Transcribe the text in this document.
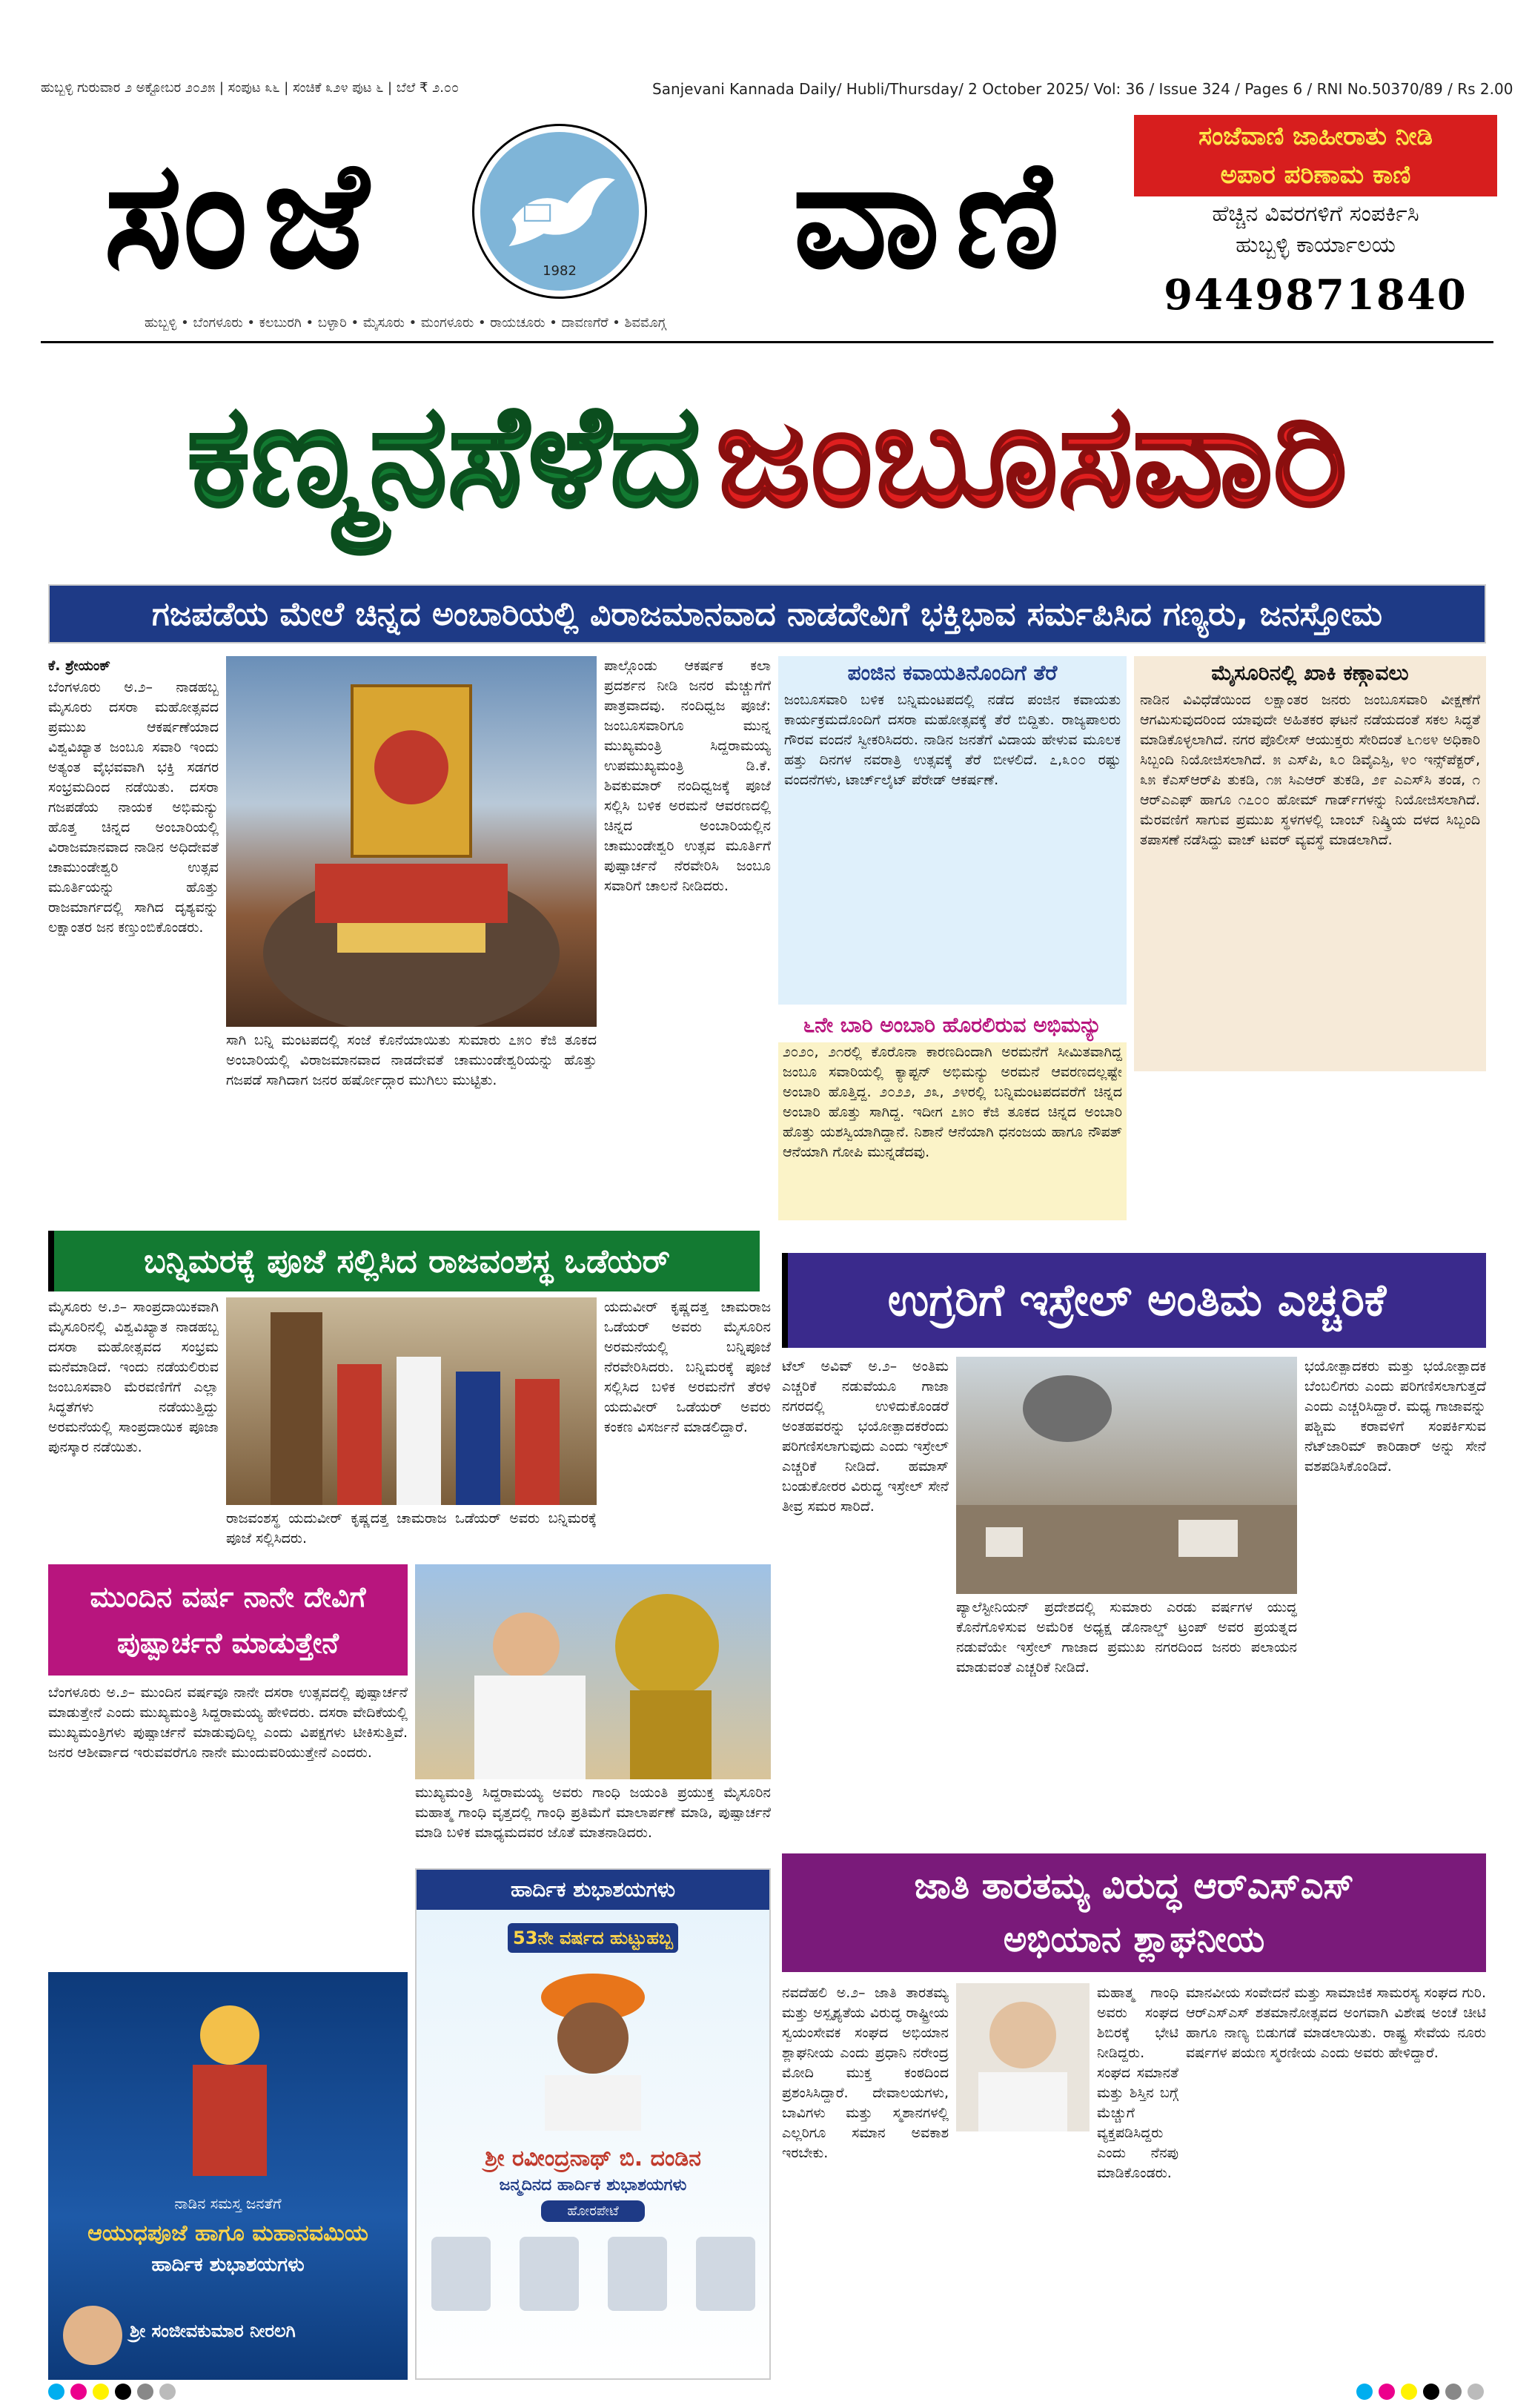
ಹುಬ್ಬಳ್ಳಿ ಗುರುವಾರ ೨ ಅಕ್ಟೋಬರ ೨೦೨೫ | ಸಂಪುಟ ೩೬ | ಸಂಚಿಕೆ ೩೨೪ ಪುಟ ೬ | ಬೆಲೆ ₹ ೨.೦೦	Sanjevani Kannada Daily/ Hubli/Thursday/ 2 October 2025/ Vol: 36 / Issue 324 / Pages 6 / RNI No.50370/89 / Rs 2.00
ಸಂಜೆ	ವಾಣಿ
1982
ಹುಬ್ಬಳ್ಳಿ • ಬೆಂಗಳೂರು • ಕಲಬುರಗಿ • ಬಳ್ಳಾರಿ • ಮೈಸೂರು • ಮಂಗಳೂರು • ರಾಯಚೂರು • ದಾವಣಗೆರೆ • ಶಿವಮೊಗ್ಗ
ಸಂಜೆವಾಣಿ ಜಾಹೀರಾತು ನೀಡಿ
ಅಪಾರ ಪರಿಣಾಮ ಕಾಣಿ
ಹೆಚ್ಚಿನ ವಿವರಗಳಿಗೆ ಸಂಪರ್ಕಿಸಿ
ಹುಬ್ಬಳ್ಳಿ ಕಾರ್ಯಾಲಯ
9449871840
ಕಣ್ಮನಸೆಳೆದ ಜಂಬೂಸವಾರಿ
ಗಜಪಡೆಯ ಮೇಲೆ ಚಿನ್ನದ ಅಂಬಾರಿಯಲ್ಲಿ ವಿರಾಜಮಾನವಾದ ನಾಡದೇವಿಗೆ ಭಕ್ತಿಭಾವ ಸರ್ಮಪಿಸಿದ ಗಣ್ಯರು, ಜನಸ್ತೋಮ

ಕೆ. ಶ್ರೇಯಂಕ್

ಬೆಂಗಳೂರು ಅ.೨– ನಾಡಹಬ್ಬ ಮೈಸೂರು ದಸರಾ ಮಹೋತ್ಸವದ ಪ್ರಮುಖ ಆಕರ್ಷಣೆಯಾದ ವಿಶ್ವವಿಖ್ಯಾತ ಜಂಬೂ ಸವಾರಿ ಇಂದು ಅತ್ಯಂತ ವೈಭವವಾಗಿ ಭಕ್ತಿ ಸಡಗರ ಸಂಭ್ರಮದಿಂದ ನಡೆಯಿತು. ದಸರಾ ಗಜಪಡೆಯ ನಾಯಕ ಅಭಿಮನ್ಯು ಹೊತ್ತ ಚಿನ್ನದ ಅಂಬಾರಿಯಲ್ಲಿ ವಿರಾಜಮಾನವಾದ ನಾಡಿನ ಅಧಿದೇವತೆ ಚಾಮುಂಡೇಶ್ವರಿ ಉತ್ಸವ ಮೂರ್ತಿಯನ್ನು ಹೊತ್ತು ರಾಜಮಾರ್ಗದಲ್ಲಿ ಸಾಗಿದ ದೃಶ್ಯವನ್ನು ಲಕ್ಷಾಂತರ ಜನ ಕಣ್ತುಂಬಿಕೊಂಡರು.

ಸಾಗಿ ಬನ್ನಿ ಮಂಟಪದಲ್ಲಿ ಸಂಜೆ ಕೊನೆಯಾಯಿತು ಸುಮಾರು ೭೫೦ ಕೆಜಿ ತೂಕದ ಅಂಬಾರಿಯಲ್ಲಿ ವಿರಾಜಮಾನವಾದ ನಾಡದೇವತೆ ಚಾಮುಂಡೇಶ್ವರಿಯನ್ನು ಹೊತ್ತು ಗಜಪಡೆ ಸಾಗಿದಾಗ ಜನರ ಹರ್ಷೋದ್ಗಾರ ಮುಗಿಲು ಮುಟ್ಟಿತು.
ಪಾಲ್ಗೊಂಡು ಆಕರ್ಷಕ ಕಲಾ ಪ್ರದರ್ಶನ ನೀಡಿ ಜನರ ಮೆಚ್ಚುಗೆಗೆ ಪಾತ್ರವಾದವು. ನಂದಿಧ್ವಜ ಪೂಜೆ: ಜಂಬೂಸವಾರಿಗೂ ಮುನ್ನ ಮುಖ್ಯಮಂತ್ರಿ ಸಿದ್ದರಾಮಯ್ಯ ಉಪಮುಖ್ಯಮಂತ್ರಿ ಡಿ.ಕೆ. ಶಿವಕುಮಾರ್ ನಂದಿಧ್ವಜಕ್ಕೆ ಪೂಜೆ ಸಲ್ಲಿಸಿ ಬಳಿಕ ಅರಮನೆ ಆವರಣದಲ್ಲಿ ಚಿನ್ನದ ಅಂಬಾರಿಯಲ್ಲಿನ ಚಾಮುಂಡೇಶ್ವರಿ ಉತ್ಸವ ಮೂರ್ತಿಗೆ ಪುಷ್ಪಾರ್ಚನೆ ನೆರವೇರಿಸಿ ಜಂಬೂ ಸವಾರಿಗೆ ಚಾಲನೆ ನೀಡಿದರು.
ಪಂಜಿನ ಕವಾಯತಿನೊಂದಿಗೆ ತೆರೆ
ಜಂಬೂಸವಾರಿ ಬಳಿಕ ಬನ್ನಿಮಂಟಪದಲ್ಲಿ ನಡೆದ ಪಂಜಿನ ಕವಾಯತು ಕಾರ್ಯಕ್ರಮದೊಂದಿಗೆ ದಸರಾ ಮಹೋತ್ಸವಕ್ಕೆ ತೆರೆ ಬಿದ್ದಿತು. ರಾಜ್ಯಪಾಲರು ಗೌರವ ವಂದನೆ ಸ್ವೀಕರಿಸಿದರು. ನಾಡಿನ ಜನತೆಗೆ ವಿದಾಯ ಹೇಳುವ ಮೂಲಕ ಹತ್ತು ದಿನಗಳ ನವರಾತ್ರಿ ಉತ್ಸವಕ್ಕೆ ತೆರೆ ಬೀಳಲಿದೆ. ೭,೩೦೦ ರಷ್ಟು ವಂದನೆಗಳು, ಟಾರ್ಚ್‌ಲೈಟ್ ಪೆರೇಡ್ ಆಕರ್ಷಣೆ.
ಮೈಸೂರಿನಲ್ಲಿ ಖಾಕಿ ಕಣ್ಗಾವಲು
ನಾಡಿನ ವಿವಿಧೆಡೆಯಿಂದ ಲಕ್ಷಾಂತರ ಜನರು ಜಂಬೂಸವಾರಿ ವೀಕ್ಷಣೆಗೆ ಆಗಮಿಸುವುದರಿಂದ ಯಾವುದೇ ಅಹಿತಕರ ಘಟನೆ ನಡೆಯದಂತೆ ಸಕಲ ಸಿದ್ಧತೆ ಮಾಡಿಕೊಳ್ಳಲಾಗಿದೆ. ನಗರ ಪೊಲೀಸ್ ಆಯುಕ್ತರು ಸೇರಿದಂತೆ ೬೧೮೪ ಅಧಿಕಾರಿ ಸಿಬ್ಬಂದಿ ನಿಯೋಜಿಸಲಾಗಿದೆ. ೫ ಎಸ್‌ಪಿ, ೩೦ ಡಿವೈಎಸ್ಪಿ, ೪೦ ಇನ್ಸ್‌ಪೆಕ್ಟರ್, ೩೫ ಕೆಎಸ್‌ಆರ್‌ಪಿ ತುಕಡಿ, ೧೫ ಸಿಎಆರ್ ತುಕಡಿ, ೨೯ ಎಎಸ್‌ಸಿ ತಂಡ, ೧ ಆರ್‌ಎಎಫ್ ಹಾಗೂ ೧೭೦೦ ಹೋಮ್ ಗಾರ್ಡ್‌ಗಳನ್ನು ನಿಯೋಜಿಸಲಾಗಿದೆ. ಮೆರವಣಿಗೆ ಸಾಗುವ ಪ್ರಮುಖ ಸ್ಥಳಗಳಲ್ಲಿ ಬಾಂಬ್ ನಿಷ್ಕ್ರಿಯ ದಳದ ಸಿಬ್ಬಂದಿ ತಪಾಸಣೆ ನಡೆಸಿದ್ದು ವಾಚ್ ಟವರ್ ವ್ಯವಸ್ಥೆ ಮಾಡಲಾಗಿದೆ.
೬ನೇ ಬಾರಿ ಅಂಬಾರಿ ಹೊರಲಿರುವ ಅಭಿಮನ್ಯು
೨೦೨೦, ೨೧ರಲ್ಲಿ ಕೊರೊನಾ ಕಾರಣದಿಂದಾಗಿ ಅರಮನೆಗೆ ಸೀಮಿತವಾಗಿದ್ದ ಜಂಬೂ ಸವಾರಿಯಲ್ಲಿ ಕ್ಯಾಪ್ಟನ್ ಅಭಿಮನ್ಯು ಅರಮನೆ ಆವರಣದಲ್ಲಷ್ಟೇ ಅಂಬಾರಿ ಹೊತ್ತಿದ್ದ. ೨೦೨೨, ೨೩, ೨೪ರಲ್ಲಿ ಬನ್ನಿಮಂಟಪದವರೆಗೆ ಚಿನ್ನದ ಅಂಬಾರಿ ಹೊತ್ತು ಸಾಗಿದ್ದ. ಇದೀಗ ೭೫೦ ಕೆಜಿ ತೂಕದ ಚಿನ್ನದ ಅಂಬಾರಿ ಹೊತ್ತು ಯಶಸ್ವಿಯಾಗಿದ್ದಾನೆ. ನಿಶಾನೆ ಆನೆಯಾಗಿ ಧನಂಜಯ ಹಾಗೂ ನೌಪತ್ ಆನೆಯಾಗಿ ಗೋಪಿ ಮುನ್ನಡೆದವು.
ಬನ್ನಿಮರಕ್ಕೆ ಪೂಜೆ ಸಲ್ಲಿಸಿದ ರಾಜವಂಶಸ್ಥ ಒಡೆಯರ್
ಮೈಸೂರು ಅ.೨– ಸಾಂಪ್ರದಾಯಿಕವಾಗಿ ಮೈಸೂರಿನಲ್ಲಿ ವಿಶ್ವವಿಖ್ಯಾತ ನಾಡಹಬ್ಬ ದಸರಾ ಮಹೋತ್ಸವದ ಸಂಭ್ರಮ ಮನೆಮಾಡಿದೆ. ಇಂದು ನಡೆಯಲಿರುವ ಜಂಬೂಸವಾರಿ ಮೆರವಣಿಗೆಗೆ ಎಲ್ಲಾ ಸಿದ್ಧತೆಗಳು ನಡೆಯುತ್ತಿದ್ದು ಅರಮನೆಯಲ್ಲಿ ಸಾಂಪ್ರದಾಯಿಕ ಪೂಜಾ ಪುನಸ್ಕಾರ ನಡೆಯಿತು.
ರಾಜವಂಶಸ್ಥ ಯದುವೀರ್ ಕೃಷ್ಣದತ್ತ ಚಾಮರಾಜ ಒಡೆಯರ್ ಅವರು ಬನ್ನಿಮರಕ್ಕೆ ಪೂಜೆ ಸಲ್ಲಿಸಿದರು.
ಯದುವೀರ್ ಕೃಷ್ಣದತ್ತ ಚಾಮರಾಜ ಒಡೆಯರ್ ಅವರು ಮೈಸೂರಿನ ಅರಮನೆಯಲ್ಲಿ ಬನ್ನಿಪೂಜೆ ನೆರವೇರಿಸಿದರು. ಬನ್ನಿಮರಕ್ಕೆ ಪೂಜೆ ಸಲ್ಲಿಸಿದ ಬಳಿಕ ಅರಮನೆಗೆ ತೆರಳಿ ಯದುವೀರ್ ಒಡೆಯರ್ ಅವರು ಕಂಕಣ ವಿಸರ್ಜನೆ ಮಾಡಲಿದ್ದಾರೆ.
ಮುಂದಿನ ವರ್ಷ ನಾನೇ ದೇವಿಗೆ
ಪುಷ್ಪಾರ್ಚನೆ ಮಾಡುತ್ತೇನೆ
ಬೆಂಗಳೂರು ಅ.೨– ಮುಂದಿನ ವರ್ಷವೂ ನಾನೇ ದಸರಾ ಉತ್ಸವದಲ್ಲಿ ಪುಷ್ಪಾರ್ಚನೆ ಮಾಡುತ್ತೇನೆ ಎಂದು ಮುಖ್ಯಮಂತ್ರಿ ಸಿದ್ದರಾಮಯ್ಯ ಹೇಳಿದರು. ದಸರಾ ವೇದಿಕೆಯಲ್ಲಿ ಮುಖ್ಯಮಂತ್ರಿಗಳು ಪುಷ್ಪಾರ್ಚನೆ ಮಾಡುವುದಿಲ್ಲ ಎಂದು ವಿಪಕ್ಷಗಳು ಟೀಕಿಸುತ್ತಿವೆ. ಜನರ ಆಶೀರ್ವಾದ ಇರುವವರೆಗೂ ನಾನೇ ಮುಂದುವರಿಯುತ್ತೇನೆ ಎಂದರು.
ಮುಖ್ಯಮಂತ್ರಿ ಸಿದ್ದರಾಮಯ್ಯ ಅವರು ಗಾಂಧಿ ಜಯಂತಿ ಪ್ರಯುಕ್ತ ಮೈಸೂರಿನ ಮಹಾತ್ಮ ಗಾಂಧಿ ವೃತ್ತದಲ್ಲಿ ಗಾಂಧಿ ಪ್ರತಿಮೆಗೆ ಮಾಲಾರ್ಪಣೆ ಮಾಡಿ, ಪುಷ್ಪಾರ್ಚನೆ ಮಾಡಿ ಬಳಿಕ ಮಾಧ್ಯಮದವರ ಜೊತೆ ಮಾತನಾಡಿದರು.
ಹಾರ್ದಿಕ ಶುಭಾಶಯಗಳು
53ನೇ ವರ್ಷದ ಹುಟ್ಟುಹಬ್ಬ
ಶ್ರೀ ರವೀಂದ್ರನಾಥ್ ಬಿ. ದಂಡಿನ
ಜನ್ಮದಿನದ ಹಾರ್ದಿಕ ಶುಭಾಶಯಗಳು
ಹೋರಪೇಟೆ
ನಾಡಿನ ಸಮಸ್ತ ಜನತೆಗೆ
ಆಯುಧಪೂಜೆ ಹಾಗೂ ಮಹಾನವಮಿಯ
ಹಾರ್ದಿಕ ಶುಭಾಶಯಗಳು
ಶ್ರೀ ಸಂಜೀವಕುಮಾರ ನೀರಲಗಿ
ಉಗ್ರರಿಗೆ ಇಸ್ರೇಲ್ ಅಂತಿಮ ಎಚ್ಚರಿಕೆ
ಟೆಲ್ ಅವಿವ್ ಅ.೨– ಅಂತಿಮ ಎಚ್ಚರಿಕೆ ನಡುವೆಯೂ ಗಾಜಾ ನಗರದಲ್ಲಿ ಉಳಿದುಕೊಂಡರೆ ಅಂತಹವರನ್ನು ಭಯೋತ್ಪಾದಕರೆಂದು ಪರಿಗಣಿಸಲಾಗುವುದು ಎಂದು ಇಸ್ರೇಲ್ ಎಚ್ಚರಿಕೆ ನೀಡಿದೆ. ಹಮಾಸ್ ಬಂಡುಕೋರರ ವಿರುದ್ಧ ಇಸ್ರೇಲ್ ಸೇನೆ ತೀವ್ರ ಸಮರ ಸಾರಿದೆ.
ಪ್ಯಾಲೆಸ್ಟೀನಿಯನ್ ಪ್ರದೇಶದಲ್ಲಿ ಸುಮಾರು ಎರಡು ವರ್ಷಗಳ ಯುದ್ಧ ಕೊನೆಗೊಳಿಸುವ ಅಮೆರಿಕ ಅಧ್ಯಕ್ಷ ಡೊನಾಲ್ಡ್ ಟ್ರಂಪ್ ಅವರ ಪ್ರಯತ್ನದ ನಡುವೆಯೇ ಇಸ್ರೇಲ್ ಗಾಜಾದ ಪ್ರಮುಖ ನಗರದಿಂದ ಜನರು ಪಲಾಯನ ಮಾಡುವಂತೆ ಎಚ್ಚರಿಕೆ ನೀಡಿದೆ.
ಭಯೋತ್ಪಾದಕರು ಮತ್ತು ಭಯೋತ್ಪಾದಕ ಬೆಂಬಲಿಗರು ಎಂದು ಪರಿಗಣಿಸಲಾಗುತ್ತದೆ ಎಂದು ಎಚ್ಚರಿಸಿದ್ದಾರೆ. ಮಧ್ಯ ಗಾಜಾವನ್ನು ಪಶ್ಚಿಮ ಕರಾವಳಿಗೆ ಸಂಪರ್ಕಿಸುವ ನೆಟ್‌ಜಾರಿಮ್ ಕಾರಿಡಾರ್ ಅನ್ನು ಸೇನೆ ವಶಪಡಿಸಿಕೊಂಡಿದೆ.
ಜಾತಿ ತಾರತಮ್ಯ ವಿರುದ್ಧ ಆರ್‌ಎಸ್‌ಎಸ್
ಅಭಿಯಾನ ಶ್ಲಾಘನೀಯ
ನವದೆಹಲಿ ಅ.೨– ಜಾತಿ ತಾರತಮ್ಯ ಮತ್ತು ಅಸ್ಪೃಶ್ಯತೆಯ ವಿರುದ್ಧ ರಾಷ್ಟ್ರೀಯ ಸ್ವಯಂಸೇವಕ ಸಂಘದ ಅಭಿಯಾನ ಶ್ಲಾಘನೀಯ ಎಂದು ಪ್ರಧಾನಿ ನರೇಂದ್ರ ಮೋದಿ ಮುಕ್ತ ಕಂಠದಿಂದ ಪ್ರಶಂಸಿಸಿದ್ದಾರೆ. ದೇವಾಲಯಗಳು, ಬಾವಿಗಳು ಮತ್ತು ಸ್ಮಶಾನಗಳಲ್ಲಿ ಎಲ್ಲರಿಗೂ ಸಮಾನ ಅವಕಾಶ ಇರಬೇಕು.
ಮಹಾತ್ಮ ಗಾಂಧಿ ಅವರು ಸಂಘದ ಶಿಬಿರಕ್ಕೆ ಭೇಟಿ ನೀಡಿದ್ದರು. ಸಂಘದ ಸಮಾನತೆ ಮತ್ತು ಶಿಸ್ತಿನ ಬಗ್ಗೆ ಮೆಚ್ಚುಗೆ ವ್ಯಕ್ತಪಡಿಸಿದ್ದರು ಎಂದು ನೆನಪು ಮಾಡಿಕೊಂಡರು.
ಮಾನವೀಯ ಸಂವೇದನೆ ಮತ್ತು ಸಾಮಾಜಿಕ ಸಾಮರಸ್ಯ ಸಂಘದ ಗುರಿ. ಆರ್‌ಎಸ್‌ಎಸ್ ಶತಮಾನೋತ್ಸವದ ಅಂಗವಾಗಿ ವಿಶೇಷ ಅಂಚೆ ಚೀಟಿ ಹಾಗೂ ನಾಣ್ಯ ಬಿಡುಗಡೆ ಮಾಡಲಾಯಿತು. ರಾಷ್ಟ್ರ ಸೇವೆಯ ನೂರು ವರ್ಷಗಳ ಪಯಣ ಸ್ಮರಣೀಯ ಎಂದು ಅವರು ಹೇಳಿದ್ದಾರೆ.
